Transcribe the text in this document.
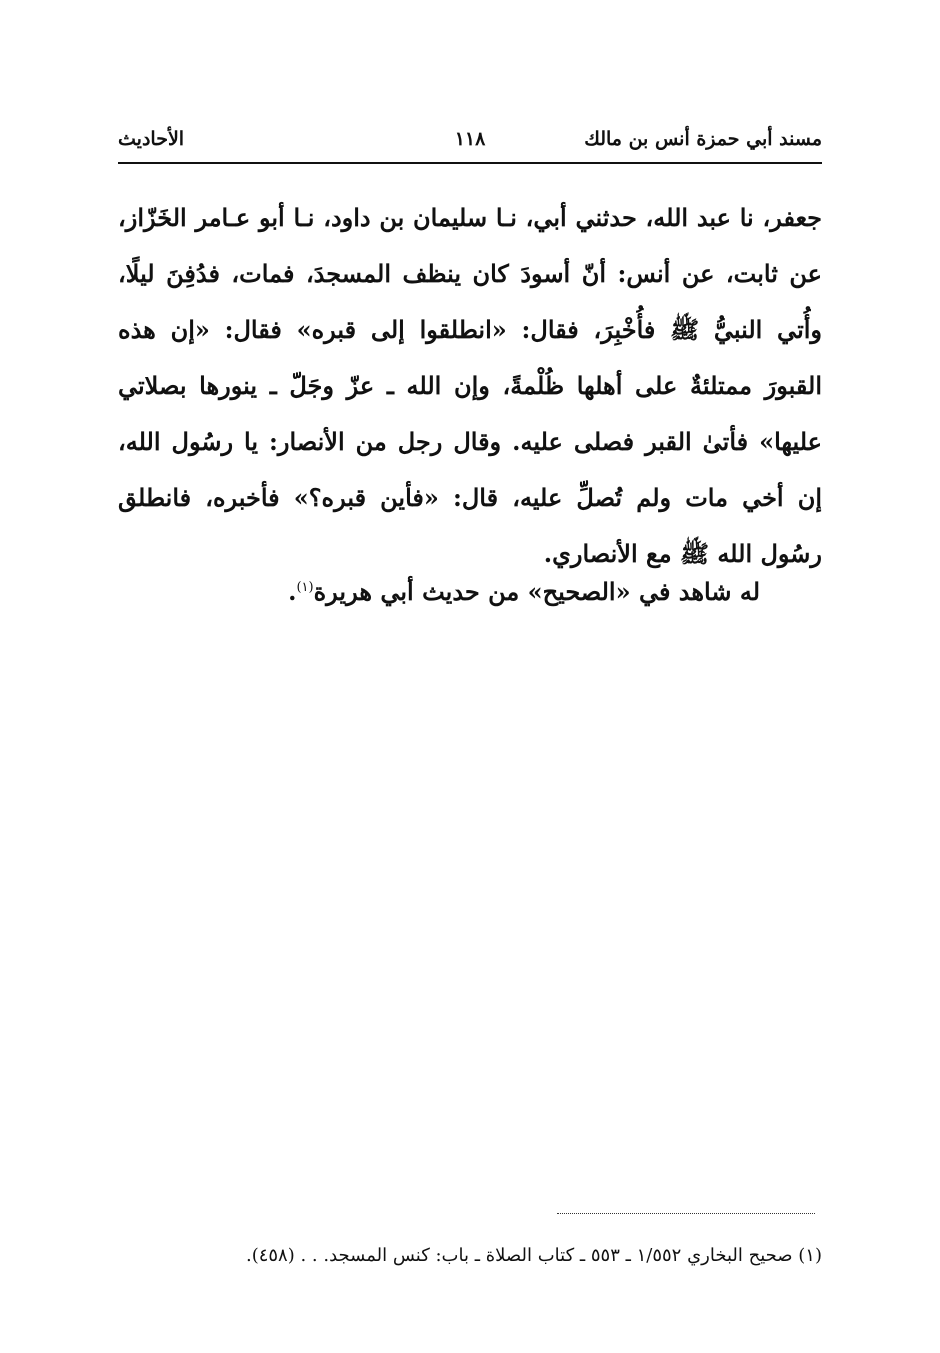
مسند أبي حمزة أنس بن مالك
١١٨
الأحاديث

جعفر، نا عبد الله، حدثني أبي، نـا سليمان بن داود، نـا أبو عـامر الخَزّاز، عن ثابت، عن أنس: أنّ أسودَ كان ينظف المسجدَ، فمات، فدُفِنَ ليلًا، وأُتي النبيُّ ﷺ فأُخْبِرَ، فقال: «انطلقوا إلى قبره» فقال: «إن هذه القبورَ ممتلئةٌ على أهلها ظُلْمةً، وإن الله ـ عزّ وجَلّ ـ ينورها بصلاتي عليها» فأتىٰ القبر فصلى عليه. وقال رجل من الأنصار: يا رسُول الله، إن أخي مات ولم تُصلِّ عليه، قال: «فأين قبره؟» فأخبره، فانطلق رسُول الله ﷺ مع الأنصاري.

له شاهد في «الصحيح» من حديث أبي هريرة$^{(١)}$.
(١) صحيح البخاري ١/٥٥٢ ـ ٥٥٣ ـ كتاب الصلاة ـ باب: كنس المسجد. . . (٤٥٨).
